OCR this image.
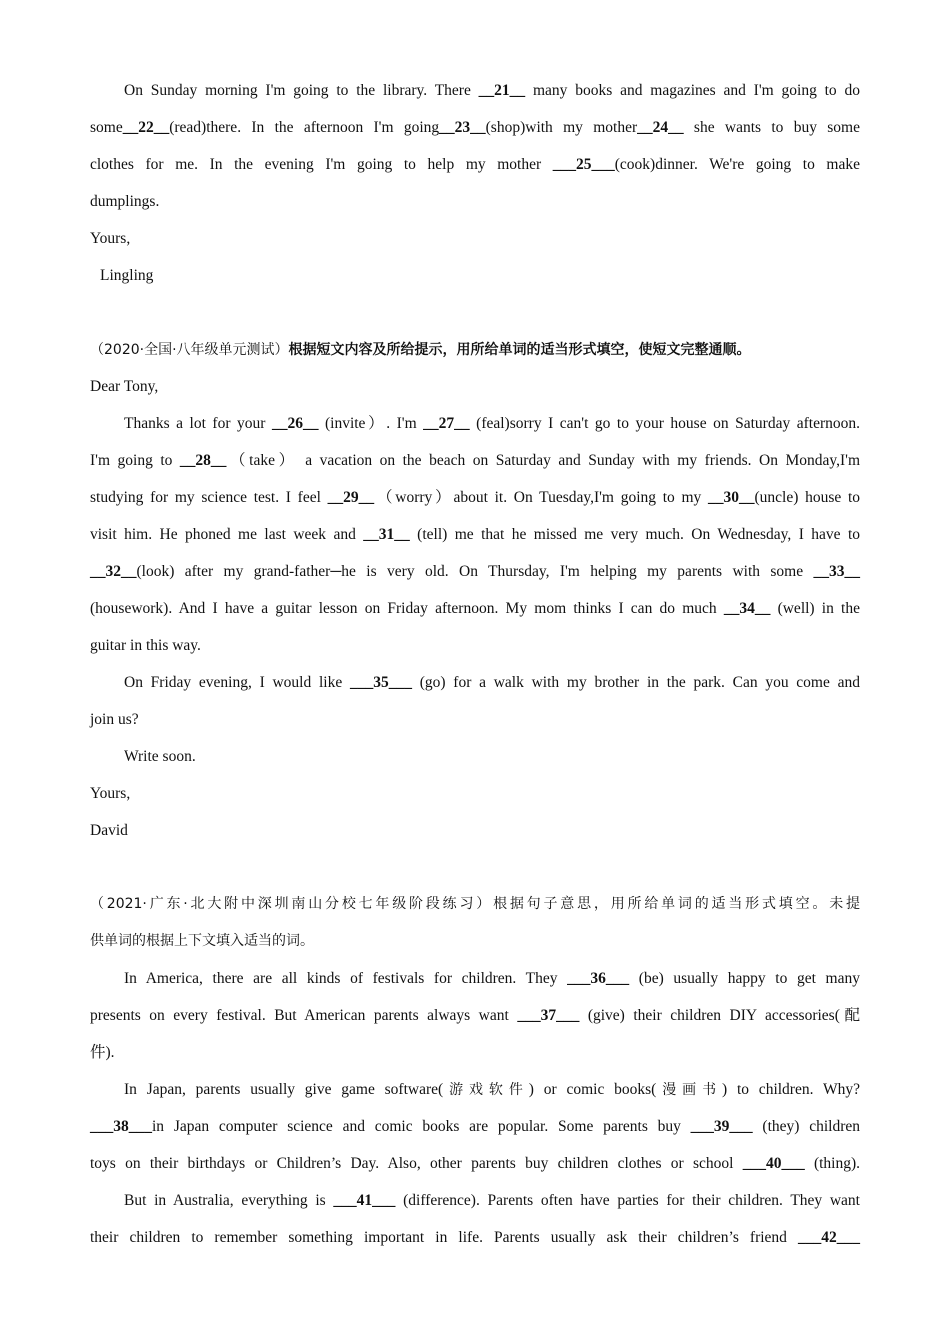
On Sunday morning I'm going to the library. There __21__ many books and magazines and I'm going to do
some__22__(read)there. In the afternoon I'm going__23__(shop)with my mother__24__ she wants to buy some
clothes for me. In the evening I'm going to help my mother ___25___(cook)dinner. We're going to make
dumplings.
Yours,
Lingling
（2020·全国·八年级单元测试）根据短文内容及所给提示，用所给单词的适当形式填空，使短文完整通顺。
Dear Tony,
Thanks a lot for your __26__ (invite）. I'm __27__ (feal)sorry I can't go to your house on Saturday afternoon.
I'm going to __28__（take） a vacation on the beach on Saturday and Sunday with my friends. On Monday,I'm
studying for my science test. I feel __29__（worry）about it. On Tuesday,I'm going to my __30__(uncle) house to
visit him. He phoned me last week and __31__ (tell) me that he missed me very much. On Wednesday, I have to
__32__(look) after my grand-father─he is very old. On Thursday, I'm helping my parents with some __33__
(housework). And I have a guitar lesson on Friday afternoon. My mom thinks I can do much __34__ (well) in the
guitar in this way.
On Friday evening, I would like ___35___ (go) for a walk with my brother in the park. Can you come and
join us?
Write soon.
Yours,
David
（2021·广东·北大附中深圳南山分校七年级阶段练习）根据句子意思，用所给单词的适当形式填空。未提
供单词的根据上下文填入适当的词。
In America, there are all kinds of festivals for children. They ___36___ (be) usually happy to get many
presents on every festival. But American parents always want ___37___ (give) their children DIY accessories(配
件).
In Japan, parents usually give game software(游戏软件) or comic books(漫画书) to children. Why?
___38___in Japan computer science and comic books are popular. Some parents buy ___39___ (they) children
toys on their birthdays or Children’s Day. Also, other parents buy children clothes or school ___40___ (thing).
But in Australia, everything is ___41___ (difference). Parents often have parties for their children. They want
their children to remember something important in life. Parents usually ask their children’s friend ___42___
